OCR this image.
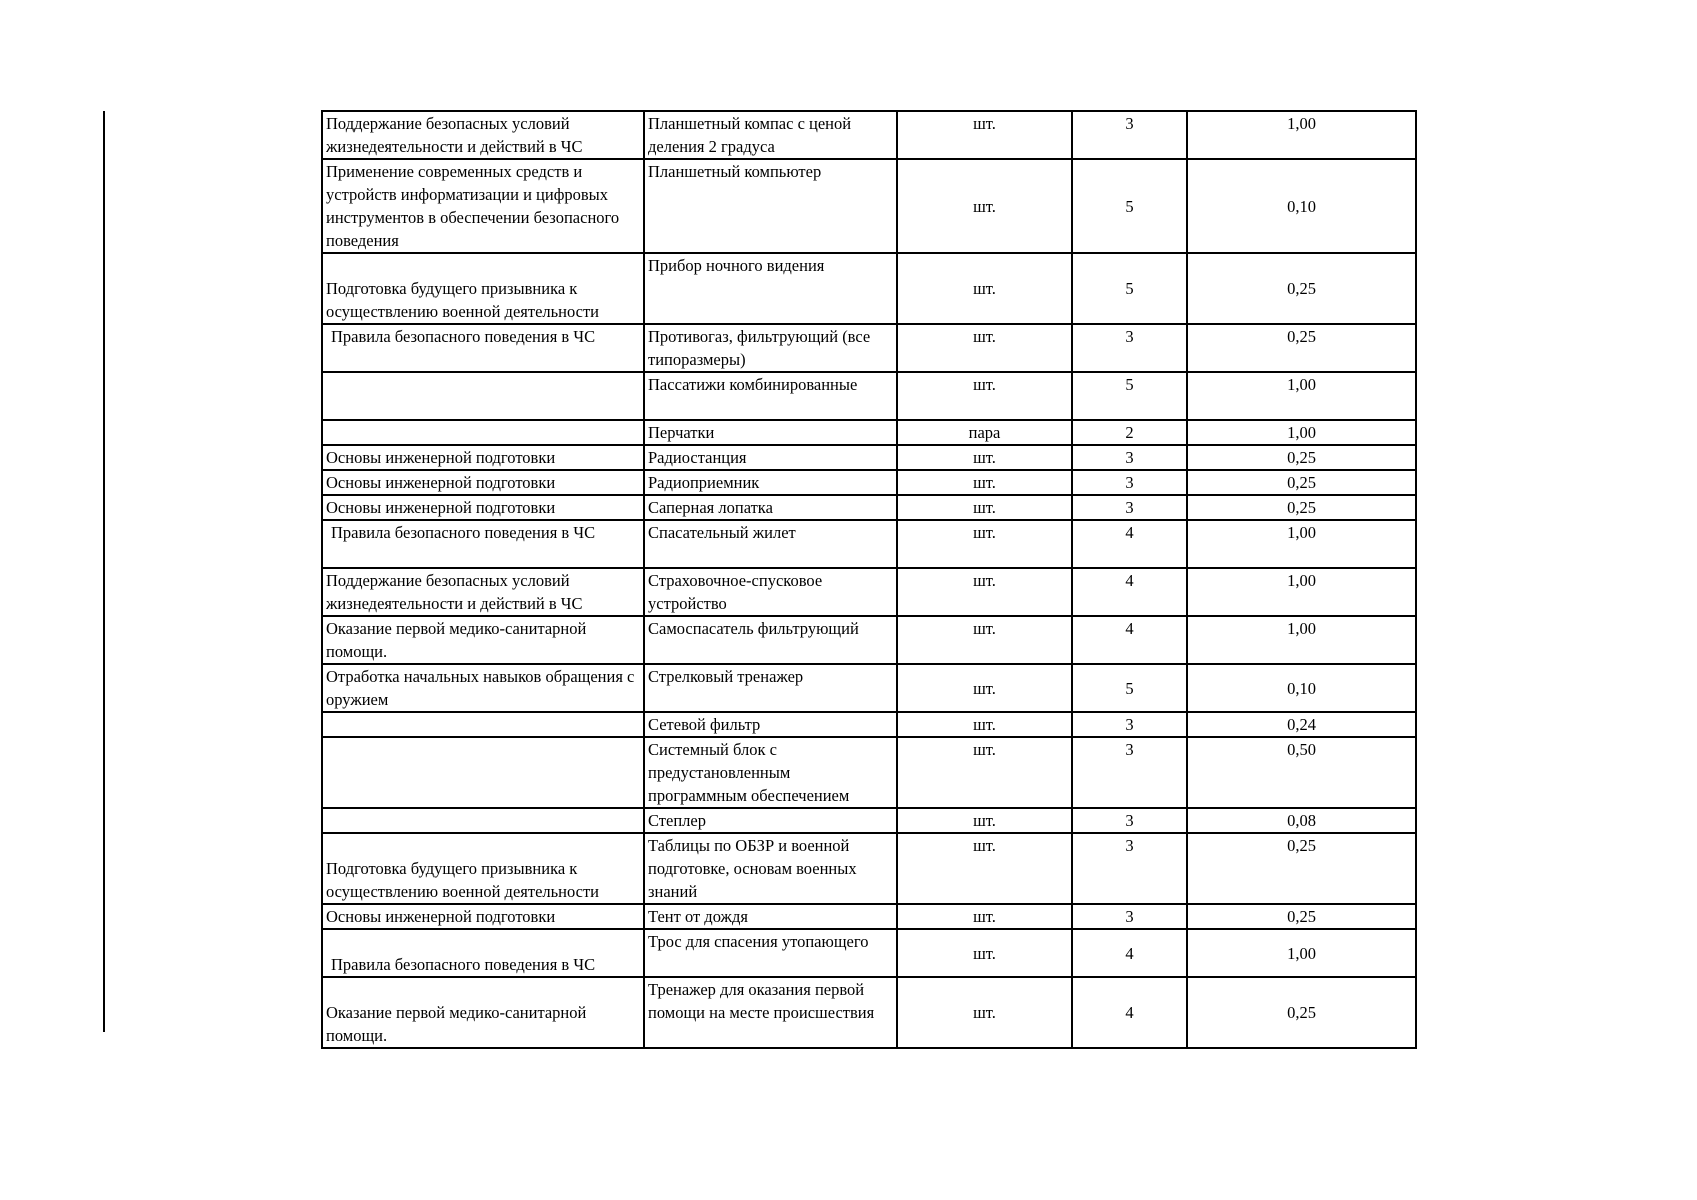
Поддержание безопасных условий жизнедеятельности и действий в ЧС	Планшетный компас с ценой деления 2 градуса	шт.	3	1,00
Применение современных средств и устройств информатизации и цифровых инструментов в обеспечении безопасного поведения	Планшетный компьютер	шт.	5	0,10
Подготовка будущего призывника к осуществлению военной деятельности	Прибор ночного видения	шт.	5	0,25
Правила безопасного поведения в ЧС	Противогаз, фильтрующий (все типоразмеры)	шт.	3	0,25
	Пассатижи комбинированные	шт.	5	1,00
	Перчатки	пара	2	1,00
Основы инженерной подготовки	Радиостанция	шт.	3	0,25
Основы инженерной подготовки	Радиоприемник	шт.	3	0,25
Основы инженерной подготовки	Саперная лопатка	шт.	3	0,25
Правила безопасного поведения в ЧС	Спасательный жилет	шт.	4	1,00
Поддержание безопасных условий жизнедеятельности и действий в ЧС	Страховочное-спусковое устройство	шт.	4	1,00
Оказание первой медико-санитарной помощи.	Самоспасатель фильтрующий	шт.	4	1,00
Отработка начальных навыков обращения с оружием	Стрелковый тренажер	шт.	5	0,10
	Сетевой фильтр	шт.	3	0,24
	Системный блок с предустановленным программным обеспечением	шт.	3	0,50
	Степлер	шт.	3	0,08
Подготовка будущего призывника к осуществлению военной деятельности	Таблицы по ОБЗР и военной подготовке, основам военных знаний	шт.	3	0,25
Основы инженерной подготовки	Тент от дождя	шт.	3	0,25
Правила безопасного поведения в ЧС	Трос для спасения утопающего	шт.	4	1,00
Оказание первой медико-санитарной помощи.	Тренажер для оказания первой помощи на месте происшествия	шт.	4	0,25
